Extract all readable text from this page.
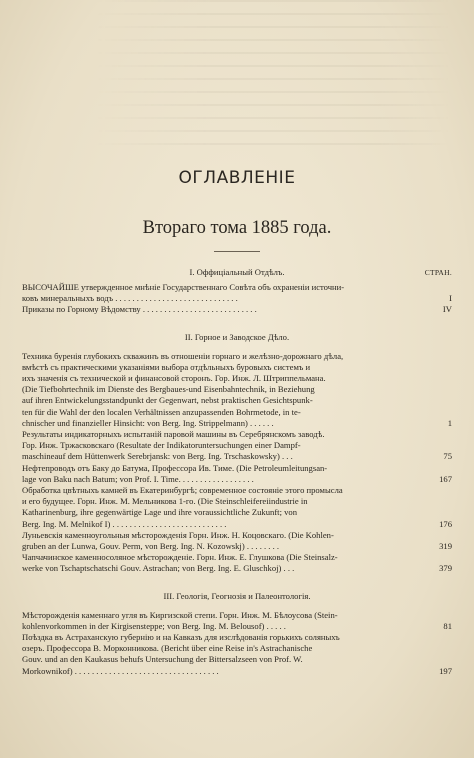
ОГЛАВЛЕНІЕ
Втораго тома 1885 года.
I. Оффиціальный Отдѣлъ.	СТРАН.
ВЫСОЧАЙШЕ утвержденное мнѣніе Государственнаго Совѣта объ охраненіи источни-
ковъ минеральныхъ водъ . . . . . . . . . . . . . . . . . . . . . . . . . . . . .	I
Приказы по Горному Вѣдомству . . . . . . . . . . . . . . . . . . . . . . . . . . .	IV
II. Горное и Заводское Дѣло.
Техника буренія глубокихъ скважинъ въ отношеніи горнаго и желѣзно-дорожнаго дѣла,
вмѣстѣ съ практическими указаніями выбора отдѣльныхъ буровыхъ системъ и
ихъ значенія съ технической и финансовой сторонъ. Гор. Инж. Л. Штриппельмана.
(Die Tiefbohrtechnik im Dienste des Bergbaues-und Eisenbahntechnik, in Beziehung
auf ihren Entwickelungsstandpunkt der Gegenwart, nebst praktischen Gesichtspunk-
ten für die Wahl der den localen Verhältnissen anzupassenden Bohrmetode, in te-
chnischer und finanzieller Hinsicht: von Berg. Ing. Strippelmann) . . . . . .	1
Результаты индикаторныхъ испытаній паровой машины въ Серебрянскомъ заводѣ.
Гор. Инж. Тржасковскаго (Resultate der Indikatoruntersuchungen einer Dampf-
maschineauf dem Hüttenwerk Serebrjansk: von Berg. Ing. Trschaskowsky) . . .	75
Нефтепроводъ отъ Баку до Батума, Профессора Ив. Тиме. (Die Petroleumleitungsan-
lage von Baku nach Batum; von Prof. I. Time. . . . . . . . . . . . . . . . . .	167
Обработка цвѣтныхъ камней въ Екатеринбургѣ; современное состояніе этого промысла
и его будущее. Горн. Инж. М. Мельникова 1-го. (Die Steinschleifereiindustrie in
Katharinenburg, ihre gegenwärtige Lage und ihre voraussichtliche Zukunft; von
Berg. Ing. M. Melnikof I) . . . . . . . . . . . . . . . . . . . . . . . . . . .	176
Луньевскія каменноугольныя мѣсторожденія Горн. Инж. Н. Коцовскаго. (Die Kohlen-
gruben an der Lunwa, Gouv. Perm, von Berg. Ing. N. Kozowskj) . . . . . . . .	319
Чапчачинское каменносоляное мѣсторожденіе. Горн. Инж. Е. Глушкова (Die Steinsalz-
werke von Tschaptschatschi Gouv. Astrachan; von Berg. Ing. E. Gluschkoj) . . .	379
III. Геологія, Геогнозія и Палеонтологія.
Мѣсторожденія каменнаго угля въ Киргизской степи. Горн. Инж. М. Бѣлоусова (Stein-
kohlenvorkommen in der Kirgisensteppe; von Berg. Ing. M. Belousof) . . . . .	81
Поѣздка въ Астраханскую губернію и на Кавказъ для изслѣдованія горькихъ соляныхъ
озеръ. Профессора В. Морконникова. (Bericht über eine Reise in's Astrachanische
Gouv. und an den Kaukasus behufs Untersuchung der Bittersalzseen von Prof. W.
Morkownikof) . . . . . . . . . . . . . . . . . . . . . . . . . . . . . . . . . .	197
